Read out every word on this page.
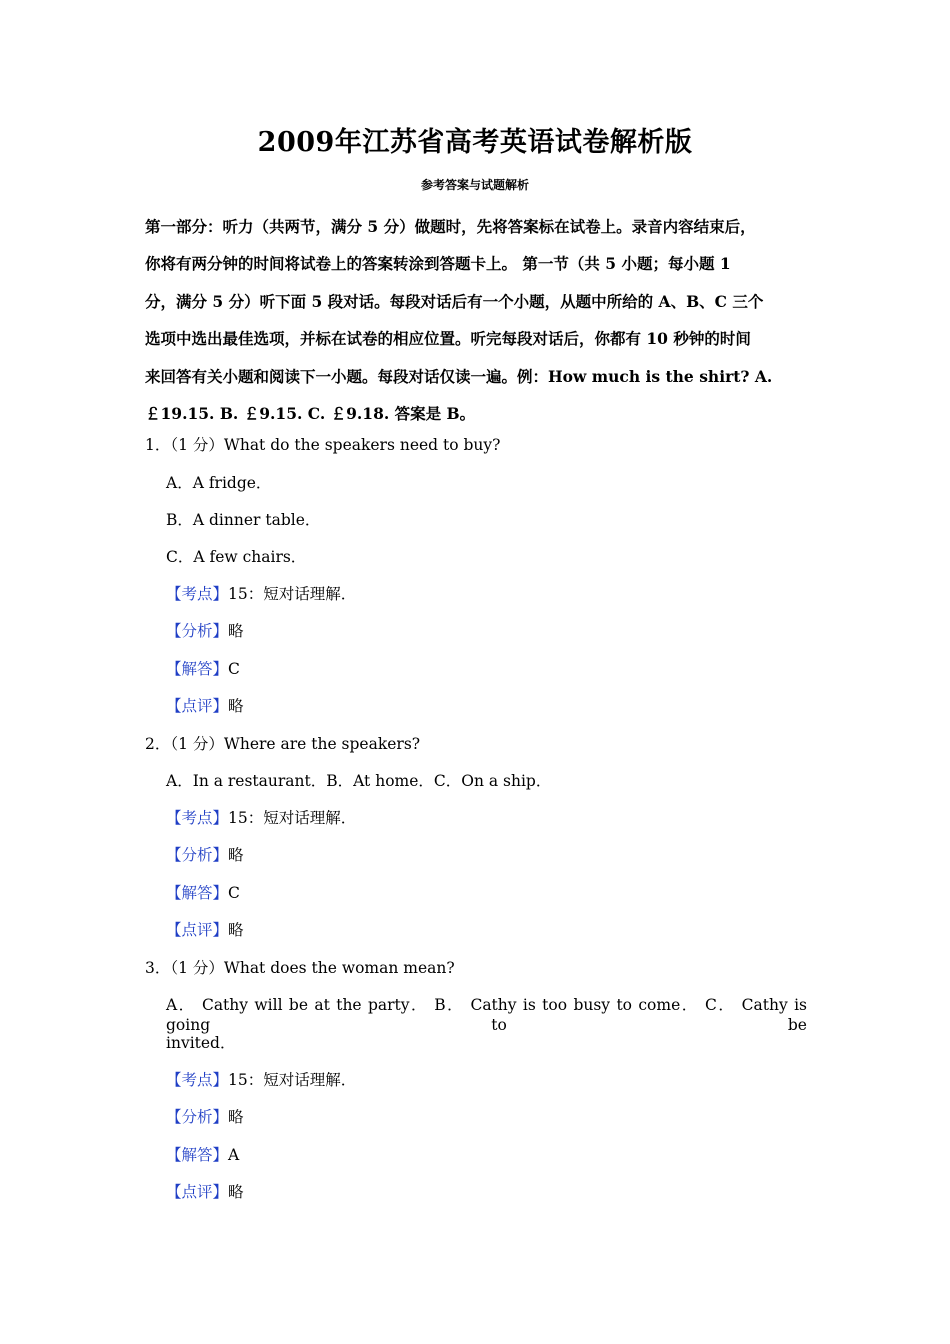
2009年江苏省高考英语试卷解析版
参考答案与试题解析
第一部分：听力（共两节，满分 5 分）做题时，先将答案标在试卷上。录音内容结束后，
你将有两分钟的时间将试卷上的答案转涂到答题卡上。 第一节（共 5 小题；每小题 1
分，满分 5 分）听下面 5 段对话。每段对话后有一个小题，从题中所给的 A、B、C 三个
选项中选出最佳选项，并标在试卷的相应位置。听完每段对话后，你都有 10 秒钟的时间
来回答有关小题和阅读下一小题。每段对话仅读一遍。例：How much is the shirt? A.
￡19.15. B. ￡9.15. C. ￡9.18. 答案是 B。
1．（1 分）What do the speakers need to buy?
A．A fridge．
B．A dinner table．
C．A few chairs．
【考点】15：短对话理解．
【分析】略
【解答】C
【点评】略
2．（1 分）Where are the speakers?
A．In a restaurant．B．At home．C．On a ship．
【考点】15：短对话理解．
【分析】略
【解答】C
【点评】略
3．（1 分）What does the woman mean?
A． Cathy will be at the party． B． Cathy is too busy to come． C． Cathy is going to be
invited．
【考点】15：短对话理解．
【分析】略
【解答】A
【点评】略
